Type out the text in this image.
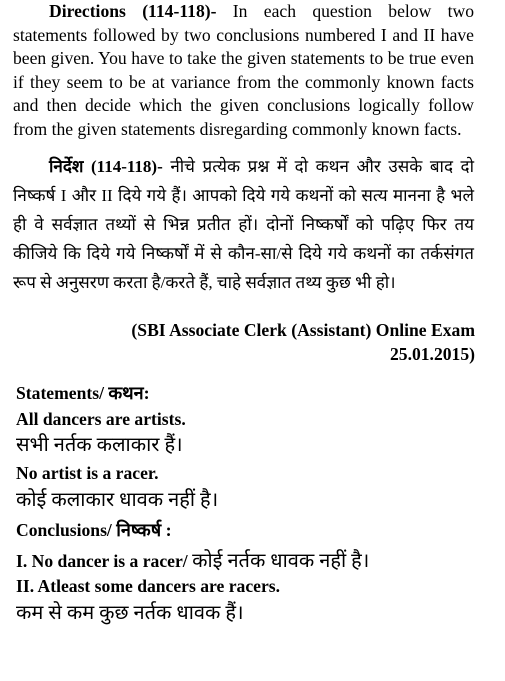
Directions (114-118)- In each question below two statements followed by two conclusions numbered I and II have been given. You have to take the given statements to be true even if they seem to be at variance from the commonly known facts and then decide which the given conclusions logically follow from the given statements disregarding commonly known facts.

निर्देश (114-118)- नीचे प्रत्येक प्रश्न में दो कथन और उसके बाद दो निष्कर्ष I और II दिये गये हैं। आपको दिये गये कथनों को सत्य मानना है भले ही वे सर्वज्ञात तथ्यों से भिन्न प्रतीत हों। दोनों निष्कर्षों को पढ़िए फिर तय कीजिये कि दिये गये निष्कर्षों में से कौन-सा/से दिये गये कथनों का तर्कसंगत रूप से अनुसरण करता है/करते हैं, चाहे सर्वज्ञात तथ्य कुछ भी हो।

(SBI Associate Clerk (Assistant) Online Exam
25.01.2015)
Statements/ कथन:
All dancers are artists.
सभी नर्तक कलाकार हैं।
No artist is a racer.
कोई कलाकार धावक नहीं है।
Conclusions/ निष्कर्ष :
I. No dancer is a racer/ कोई नर्तक धावक नहीं है।
II. Atleast some dancers are racers.
कम से कम कुछ नर्तक धावक हैं।
